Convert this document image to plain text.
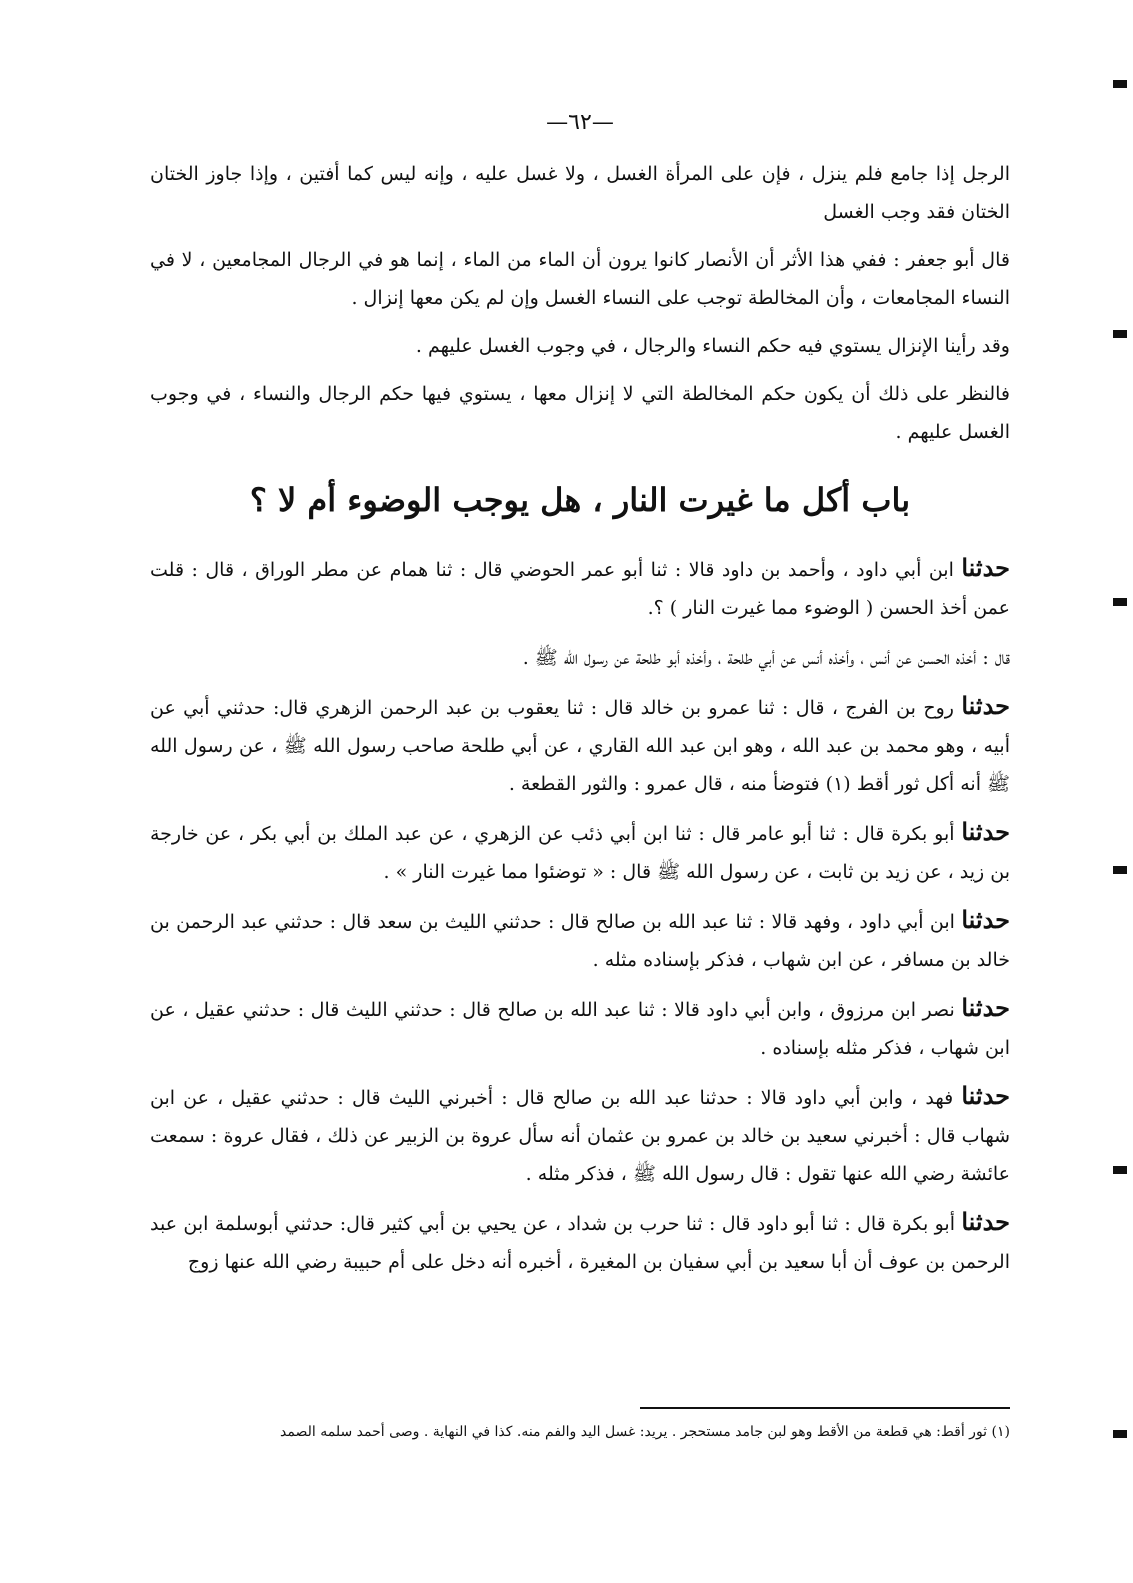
—٦٢—

الرجل إذا جامع فلم ينزل ، فإن على المرأة الغسل ، ولا غسل عليه ، وإنه ليس كما أفتين ، وإذا جاوز الختان الختان فقد وجب الغسل

قال أبو جعفر : ففي هذا الأثر أن الأنصار كانوا يرون أن الماء من الماء ، إنما هو في الرجال المجامعين ، لا في النساء المجامعات ، وأن المخالطة توجب على النساء الغسل وإن لم يكن معها إنزال .

وقد رأينا الإنزال يستوي فيه حكم النساء والرجال ، في وجوب الغسل عليهم .

فالنظر على ذلك أن يكون حكم المخالطة التي لا إنزال معها ، يستوي فيها حكم الرجال والنساء ، في وجوب الغسل عليهم .

باب أكل ما غيرت النار ، هل يوجب الوضوء أم لا ؟

حدثنا ابن أبي داود ، وأحمد بن داود قالا : ثنا أبو عمر الحوضي قال : ثنا همام عن مطر الوراق ، قال : قلت عمن أخذ الحسن ( الوضوء مما غيرت النار ) ؟.

قال : أخذه الحسن عن أنس ، وأخذه أنس عن أبي طلحة ، وأخذه أبو طلحة عن رسول الله ﷺ .

حدثنا روح بن الفرج ، قال : ثنا عمرو بن خالد قال : ثنا يعقوب بن عبد الرحمن الزهري قال: حدثني أبي عن أبيه ، وهو محمد بن عبد الله ، وهو ابن عبد الله القاري ، عن أبي طلحة صاحب رسول الله ﷺ ، عن رسول الله ﷺ أنه أكل ثور أقط (١) فتوضأ منه ، قال عمرو : والثور القطعة .

حدثنا أبو بكرة قال : ثنا أبو عامر قال : ثنا ابن أبي ذئب عن الزهري ، عن عبد الملك بن أبي بكر ، عن خارجة بن زيد ، عن زيد بن ثابت ، عن رسول الله ﷺ قال : « توضئوا مما غيرت النار » .

حدثنا ابن أبي داود ، وفهد قالا : ثنا عبد الله بن صالح قال : حدثني الليث بن سعد قال : حدثني عبد الرحمن بن خالد بن مسافر ، عن ابن شهاب ، فذكر بإسناده مثله .

حدثنا نصر ابن مرزوق ، وابن أبي داود قالا : ثنا عبد الله بن صالح قال : حدثني الليث قال : حدثني عقيل ، عن ابن شهاب ، فذكر مثله بإسناده .

حدثنا فهد ، وابن أبي داود قالا : حدثنا عبد الله بن صالح قال : أخبرني الليث قال : حدثني عقيل ، عن ابن شهاب قال : أخبرني سعيد بن خالد بن عمرو بن عثمان أنه سأل عروة بن الزبير عن ذلك ، فقال عروة : سمعت عائشة رضي الله عنها تقول : قال رسول الله ﷺ ، فذكر مثله .

حدثنا أبو بكرة قال : ثنا أبو داود قال : ثنا حرب بن شداد ، عن يحيي بن أبي كثير قال: حدثني أبوسلمة ابن عبد الرحمن بن عوف أن أبا سعيد بن أبي سفيان بن المغيرة ، أخبره أنه دخل على أم حبيبة رضي الله عنها زوج

(١) ثور أقط: هي قطعة من الأقط وهو لبن جامد مستحجر . يريد: غسل اليد والفم منه. كذا في النهاية . وصى أحمد سلمه الصمد
